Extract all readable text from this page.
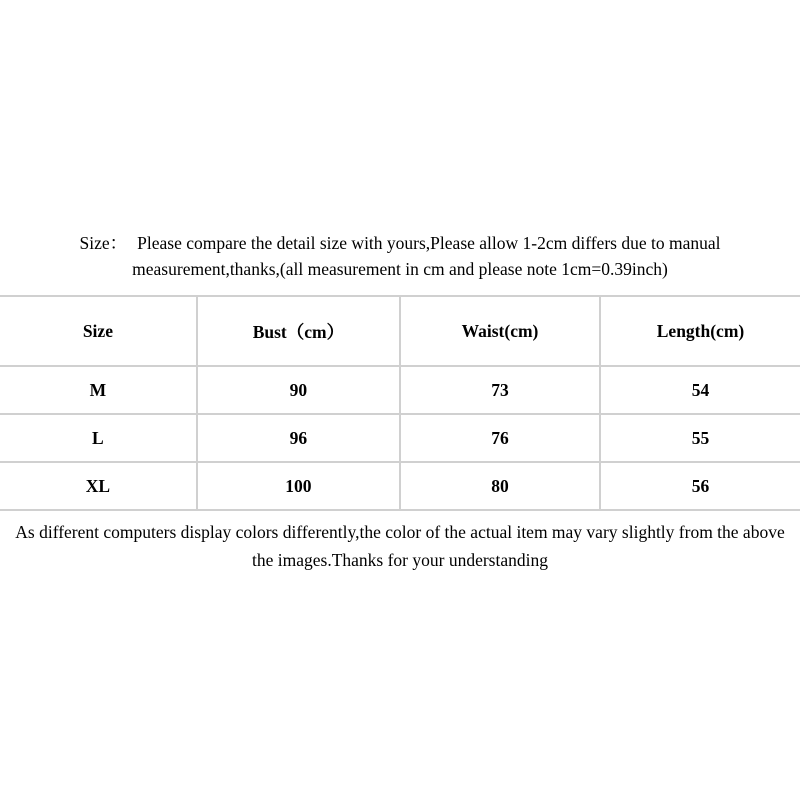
Size： Please compare the detail size with yours,Please allow 1-2cm differs due to manual
measurement,thanks,(all measurement in cm and please note 1cm=0.39inch)

Size	Bust（cm）	Waist(cm)	Length(cm)
M	90	73	54
L	96	76	55
XL	100	80	56

As different computers display colors differently,the color of the actual item may vary slightly from the above
the images.Thanks for your understanding
